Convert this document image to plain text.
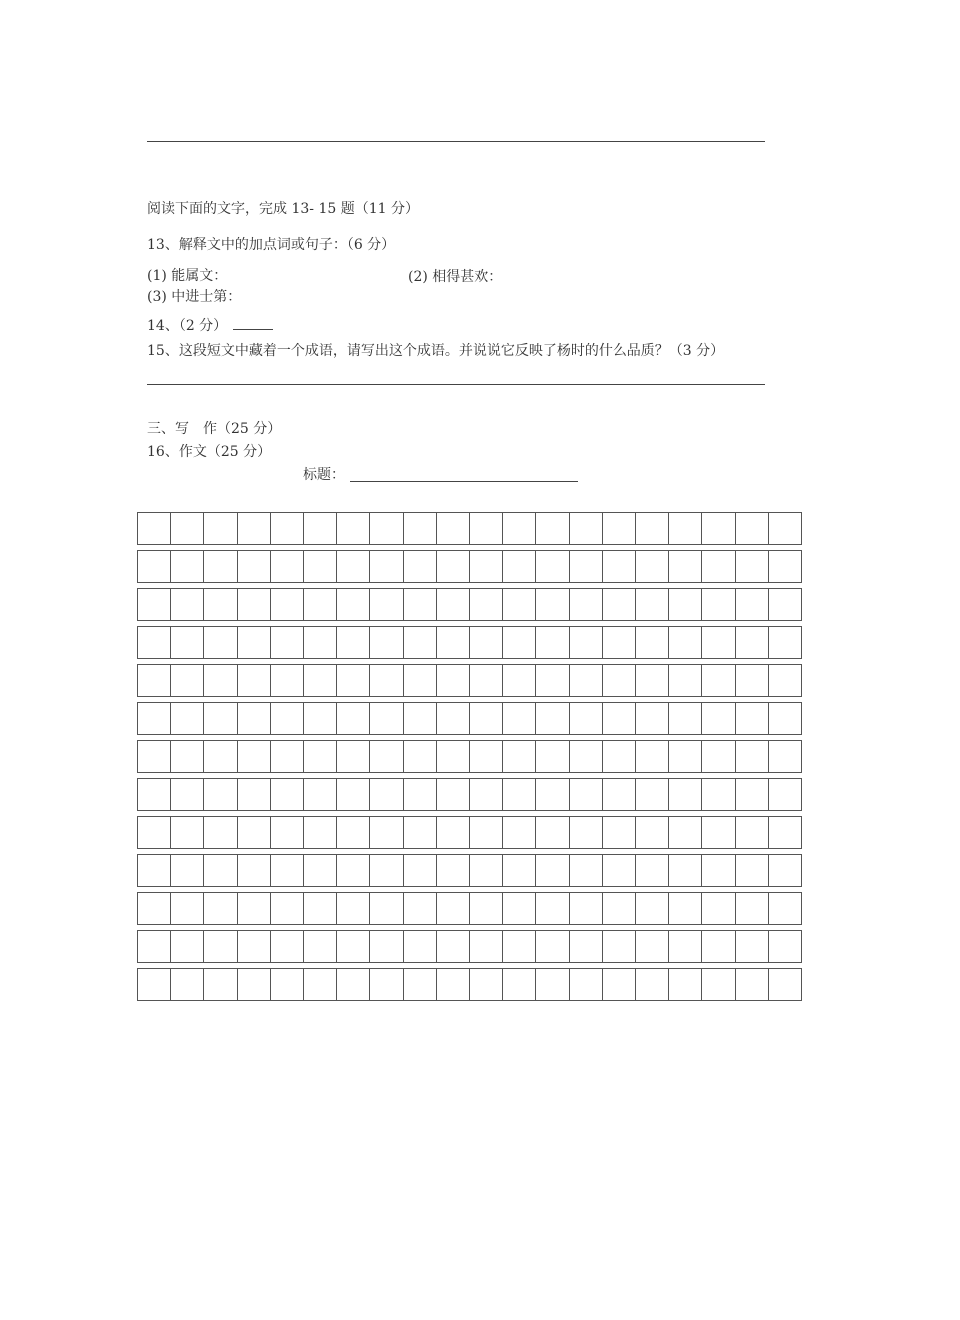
阅读下面的文字，完成 13- 15 题（11 分）
13、解释文中的加点词或句子：（6 分）
(1) 能属文：	(2) 相得甚欢：
(3) 中进士第：
14、（2 分）
15、这段短文中藏着一个成语，请写出这个成语。并说说它反映了杨时的什么品质？（3 分）
三、写　作（25 分）
16、作文（25 分）
标题：
